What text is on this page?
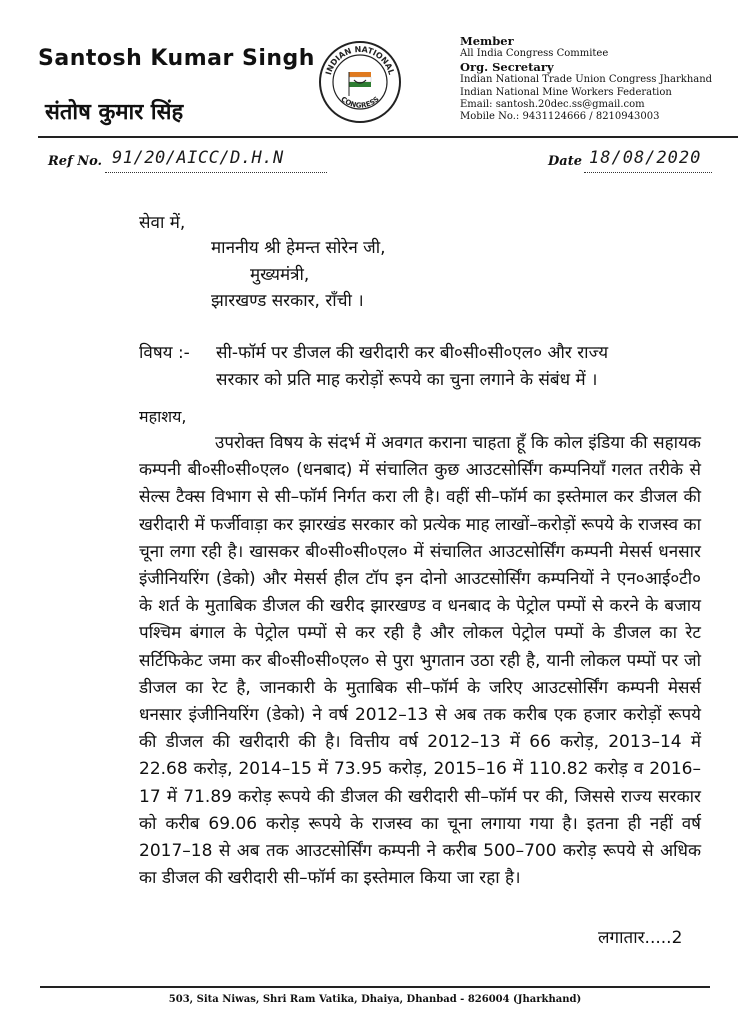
Santosh Kumar Singh
संतोष कुमार सिंह
INDIAN NATIONAL
CONGRESS
Member
All India Congress Commitee
Org. Secretary
Indian National Trade Union Congress Jharkhand
Indian National Mine Workers Federation
Email: santosh.20dec.ss@gmail.com
Mobile No.: 9431124666 / 8210943003
Ref No. 91/20/AICC/D.H.N	Date 18/08/2020
सेवा में,
माननीय श्री हेमन्त सोरेन जी,
मुख्यमंत्री,
झारखण्ड सरकार, राँची ।
विषय :- सी-फॉर्म पर डीजल की खरीदारी कर बी०सी०सी०एल० और राज्य
सरकार को प्रति माह करोड़ों रूपये का चुना लगाने के संबंध में ।
महाशय,
उपरोक्त विषय के संदर्भ में अवगत कराना चाहता हूँ कि कोल इंडिया की सहायक कम्पनी बी०सी०सी०एल० (धनबाद) में संचालित कुछ आउटसोर्सिंग कम्पनियाँ गलत तरीके से सेल्स टैक्स विभाग से सी–फॉर्म निर्गत करा ली है। वहीं सी–फॉर्म का इस्तेमाल कर डीजल की खरीदारी में फर्जीवाड़ा कर झारखंड सरकार को प्रत्येक माह लाखों–करोड़ों रूपये के राजस्व का चूना लगा रही है। खासकर बी०सी०सी०एल० में संचालित आउटसोर्सिंग कम्पनी मेसर्स धनसार इंजीनियरिंग (डेको) और मेसर्स हील टॉप इन दोनो आउटसोर्सिंग कम्पनियों ने एन०आई०टी० के शर्त के मुताबिक डीजल की खरीद झारखण्ड व धनबाद के पेट्रोल पम्पों से करने के बजाय पश्चिम बंगाल के पेट्रोल पम्पों से कर रही है और लोकल पेट्रोल पम्पों के डीजल का रेट सर्टिफिकेट जमा कर बी०सी०सी०एल० से पुरा भुगतान उठा रही है, यानी लोकल पम्पों पर जो डीजल का रेट है, जानकारी के मुताबिक सी–फॉर्म के जरिए आउटसोर्सिंग कम्पनी मेसर्स धनसार इंजीनियरिंग (डेको) ने वर्ष 2012–13 से अब तक करीब एक हजार करोड़ों रूपये की डीजल की खरीदारी की है। वित्तीय वर्ष 2012–13 में 66 करोड़, 2013–14 में 22.68 करोड़, 2014–15 में 73.95 करोड़, 2015–16 में 110.82 करोड़ व 2016–17 में 71.89 करोड़ रूपये की डीजल की खरीदारी सी–फॉर्म पर की, जिससे राज्य सरकार को करीब 69.06 करोड़ रूपये के राजस्व का चूना लगाया गया है। इतना ही नहीं वर्ष 2017–18 से अब तक आउटसोर्सिंग कम्पनी ने करीब 500–700 करोड़ रूपये से अधिक का डीजल की खरीदारी सी–फॉर्म का इस्तेमाल किया जा रहा है।
लगातार.....2
503, Sita Niwas, Shri Ram Vatika, Dhaiya, Dhanbad - 826004 (Jharkhand)
